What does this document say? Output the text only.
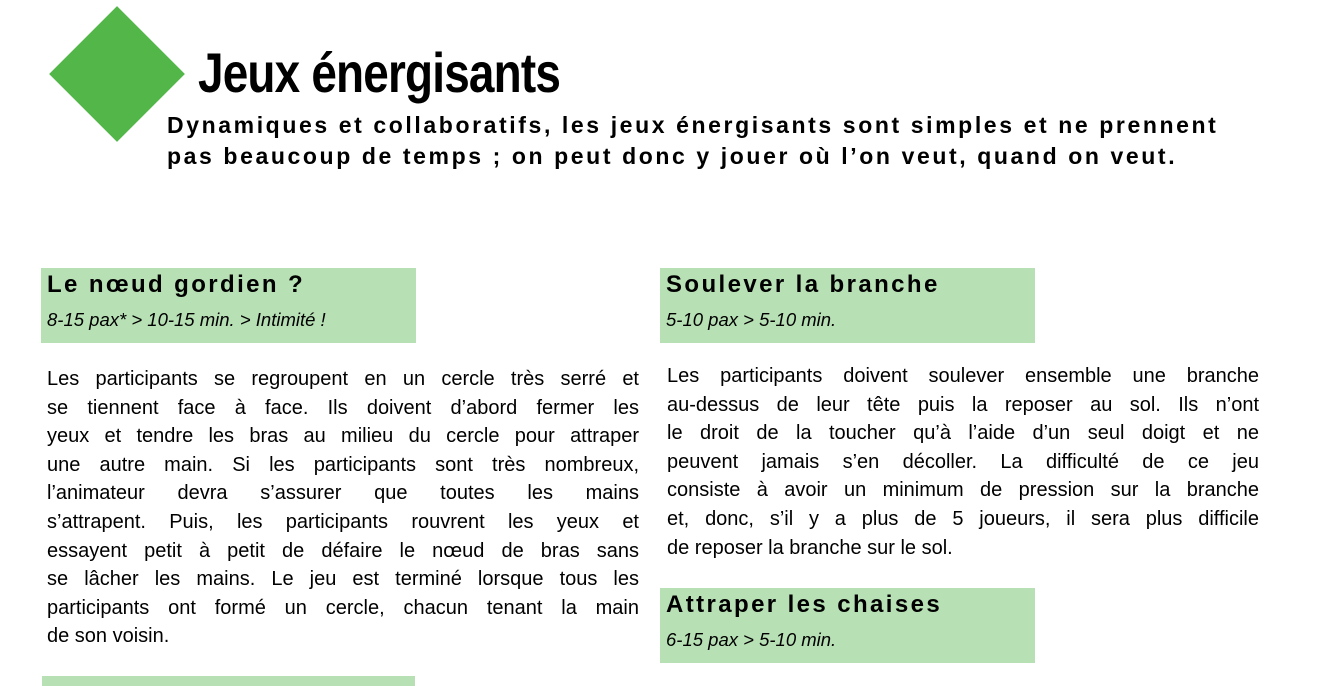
Jeux énergisants

Dynamiques et collaboratifs, les jeux énergisants sont simples et ne prennent
pas beaucoup de temps ; on peut donc y jouer où l’on veut, quand on veut.

Le nœud gordien ?
8-15 pax* > 10-15 min. > Intimité !

Les participants se regroupent en un cercle très serré et
se tiennent face à face. Ils doivent d’abord fermer les
yeux et tendre les bras au milieu du cercle pour attraper
une autre main. Si les participants sont très nombreux,
l’animateur devra s’assurer que toutes les mains
s’attrapent. Puis, les participants rouvrent les yeux et
essayent petit à petit de défaire le nœud de bras sans
se lâcher les mains. Le jeu est terminé lorsque tous les
participants ont formé un cercle, chacun tenant la main
de son voisin.

Soulever la branche
5-10 pax > 5-10 min.

Les participants doivent soulever ensemble une branche
au-dessus de leur tête puis la reposer au sol. Ils n’ont
le droit de la toucher qu’à l’aide d’un seul doigt et ne
peuvent jamais s’en décoller. La difficulté de ce jeu
consiste à avoir un minimum de pression sur la branche
et, donc, s’il y a plus de 5 joueurs, il sera plus difficile
de reposer la branche sur le sol.

Attraper les chaises
6-15 pax > 5-10 min.
